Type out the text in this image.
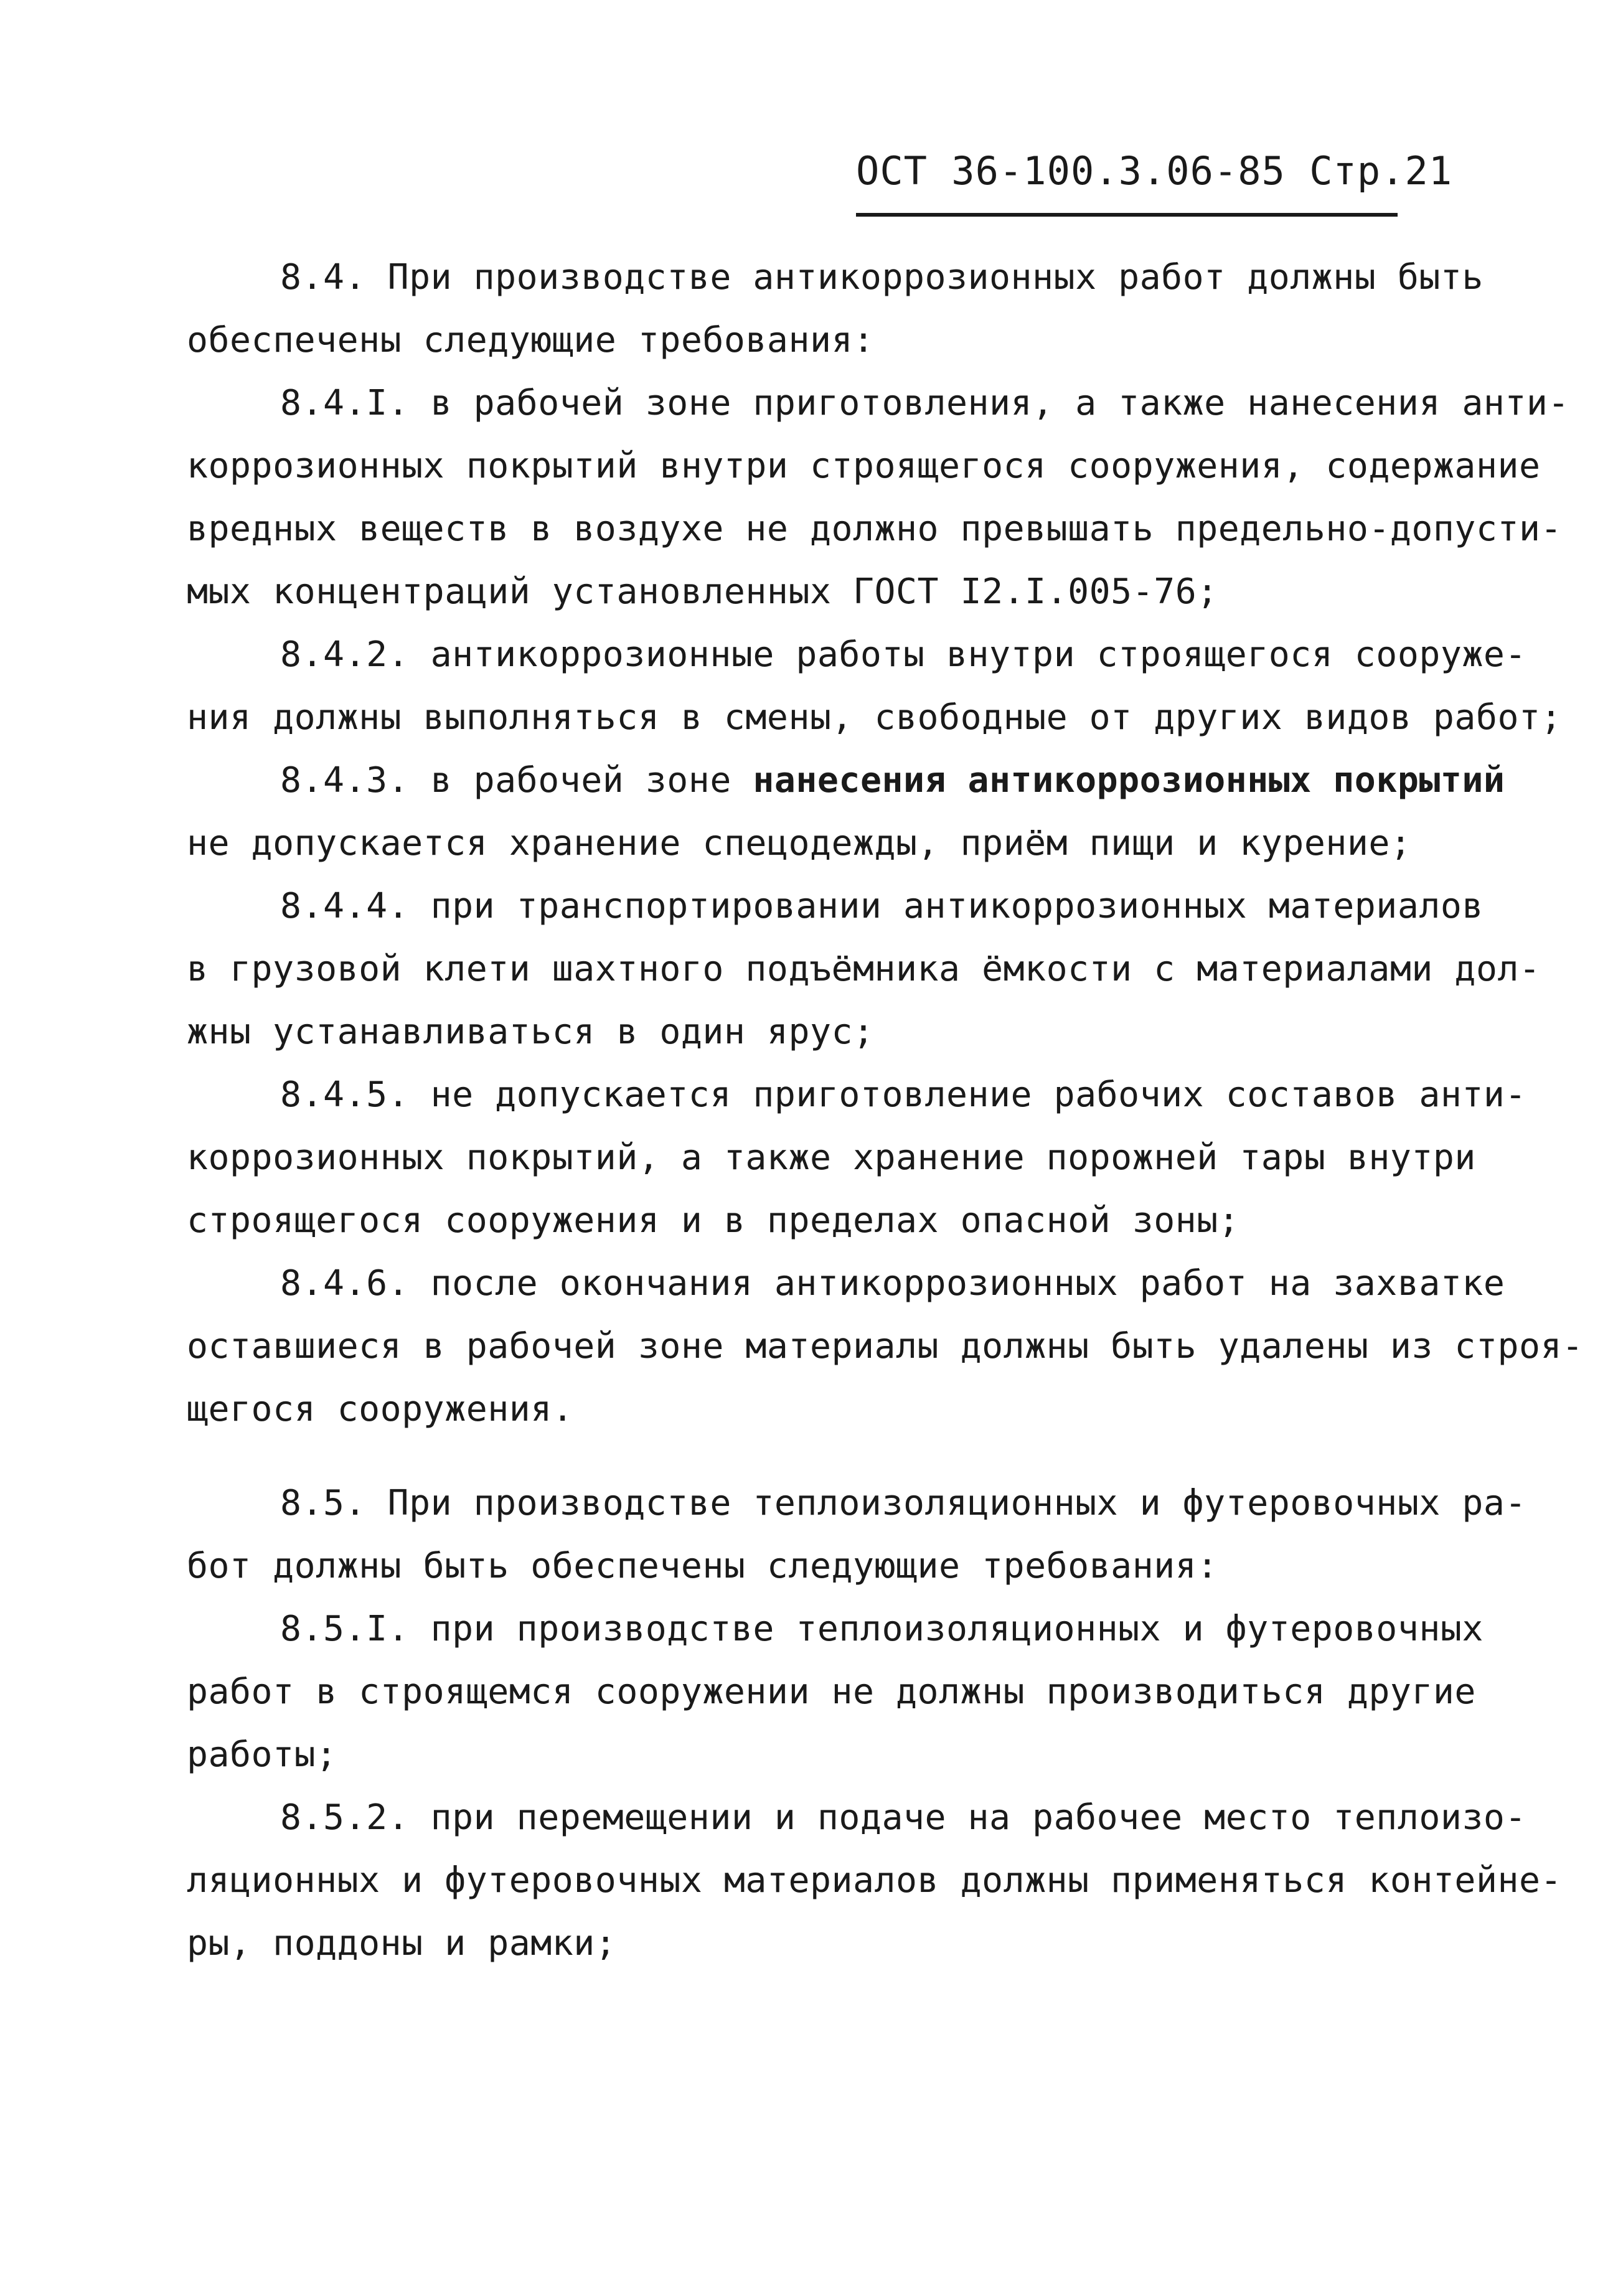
ОСТ 36-100.3.06-85 Стр.21
8.4. При производстве антикоррозионных работ должны быть
обеспечены следующие требования:
8.4.I. в рабочей зоне приготовления, а также нанесения анти-
коррозионных покрытий внутри строящегося сооружения, содержание
вредных веществ в воздухе не должно превышать предельно-допусти-
мых концентраций установленных ГОСТ I2.I.005-76;
8.4.2. антикоррозионные работы внутри строящегося сооруже-
ния должны выполняться в смены, свободные от других видов работ;
8.4.3. в рабочей зоне нанесения антикоррозионных покрытий
не допускается хранение спецодежды, приём пищи и курение;
8.4.4. при транспортировании антикоррозионных материалов
в грузовой клети шахтного подъёмника ёмкости с материалами дол-
жны устанавливаться в один ярус;
8.4.5. не допускается приготовление рабочих составов анти-
коррозионных покрытий, а также хранение порожней тары внутри
строящегося сооружения и в пределах опасной зоны;
8.4.6. после окончания антикоррозионных работ на захватке
оставшиеся в рабочей зоне материалы должны быть удалены из строя-
щегося сооружения.
8.5. При производстве теплоизоляционных и футеровочных ра-
бот должны быть обеспечены следующие требования:
8.5.I. при производстве теплоизоляционных и футеровочных
работ в строящемся сооружении не должны производиться другие
работы;
8.5.2. при перемещении и подаче на рабочее место теплоизо-
ляционных и футеровочных материалов должны применяться контейне-
ры, поддоны и рамки;
